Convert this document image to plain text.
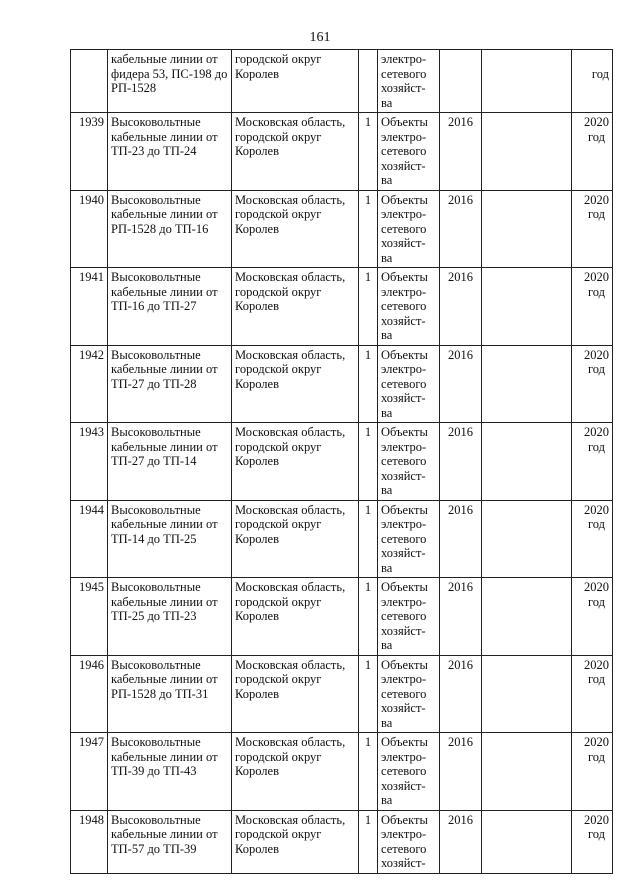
161
	кабельные линии от фидера 53, ПС-198 до РП-1528	городской округ Королев		электро-сетевого хозяйст-ва			год
1939	Высоковольтные кабельные линии от ТП-23 до ТП-24	Московская область, городской округ Королев	1	Объекты электро-сетевого хозяйст-ва	2016		2020
год
1940	Высоковольтные кабельные линии от РП-1528 до ТП-16	Московская область, городской округ Королев	1	Объекты электро-сетевого хозяйст-ва	2016		2020
год
1941	Высоковольтные кабельные линии от ТП-16 до ТП-27	Московская область, городской округ Королев	1	Объекты электро-сетевого хозяйст-ва	2016		2020
год
1942	Высоковольтные кабельные линии от ТП-27 до ТП-28	Московская область, городской округ Королев	1	Объекты электро-сетевого хозяйст-ва	2016		2020
год
1943	Высоковольтные кабельные линии от ТП-27 до ТП-14	Московская область, городской округ Королев	1	Объекты электро-сетевого хозяйст-ва	2016		2020
год
1944	Высоковольтные кабельные линии от ТП-14 до ТП-25	Московская область, городской округ Королев	1	Объекты электро-сетевого хозяйст-ва	2016		2020
год
1945	Высоковольтные кабельные линии от ТП-25 до ТП-23	Московская область, городской округ Королев	1	Объекты электро-сетевого хозяйст-ва	2016		2020
год
1946	Высоковольтные кабельные линии от РП-1528 до ТП-31	Московская область, городской округ Королев	1	Объекты электро-сетевого хозяйст-ва	2016		2020
год
1947	Высоковольтные кабельные линии от ТП-39 до ТП-43	Московская область, городской округ Королев	1	Объекты электро-сетевого хозяйст-ва	2016		2020
год
1948	Высоковольтные кабельные линии от ТП-57 до ТП-39	Московская область, городской округ Королев	1	Объекты электро-сетевого хозяйст-	2016		2020
год
